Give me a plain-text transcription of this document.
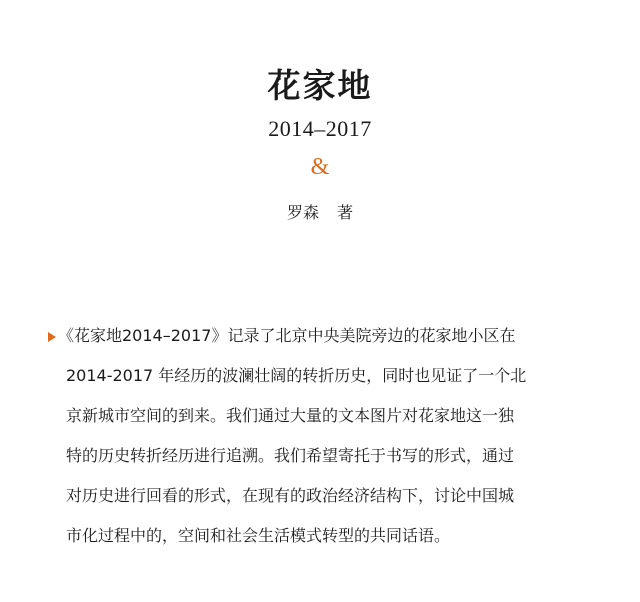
花家地
2014–2017
&
罗森 著
《花家地2014–2017》记录了北京中央美院旁边的花家地小区在
2014-2017 年经历的波澜壮阔的转折历史，同时也见证了一个北
京新城市空间的到来。我们通过大量的文本图片对花家地这一独
特的历史转折经历进行追溯。我们希望寄托于书写的形式，通过
对历史进行回看的形式，在现有的政治经济结构下，讨论中国城
市化过程中的，空间和社会生活模式转型的共同话语。
